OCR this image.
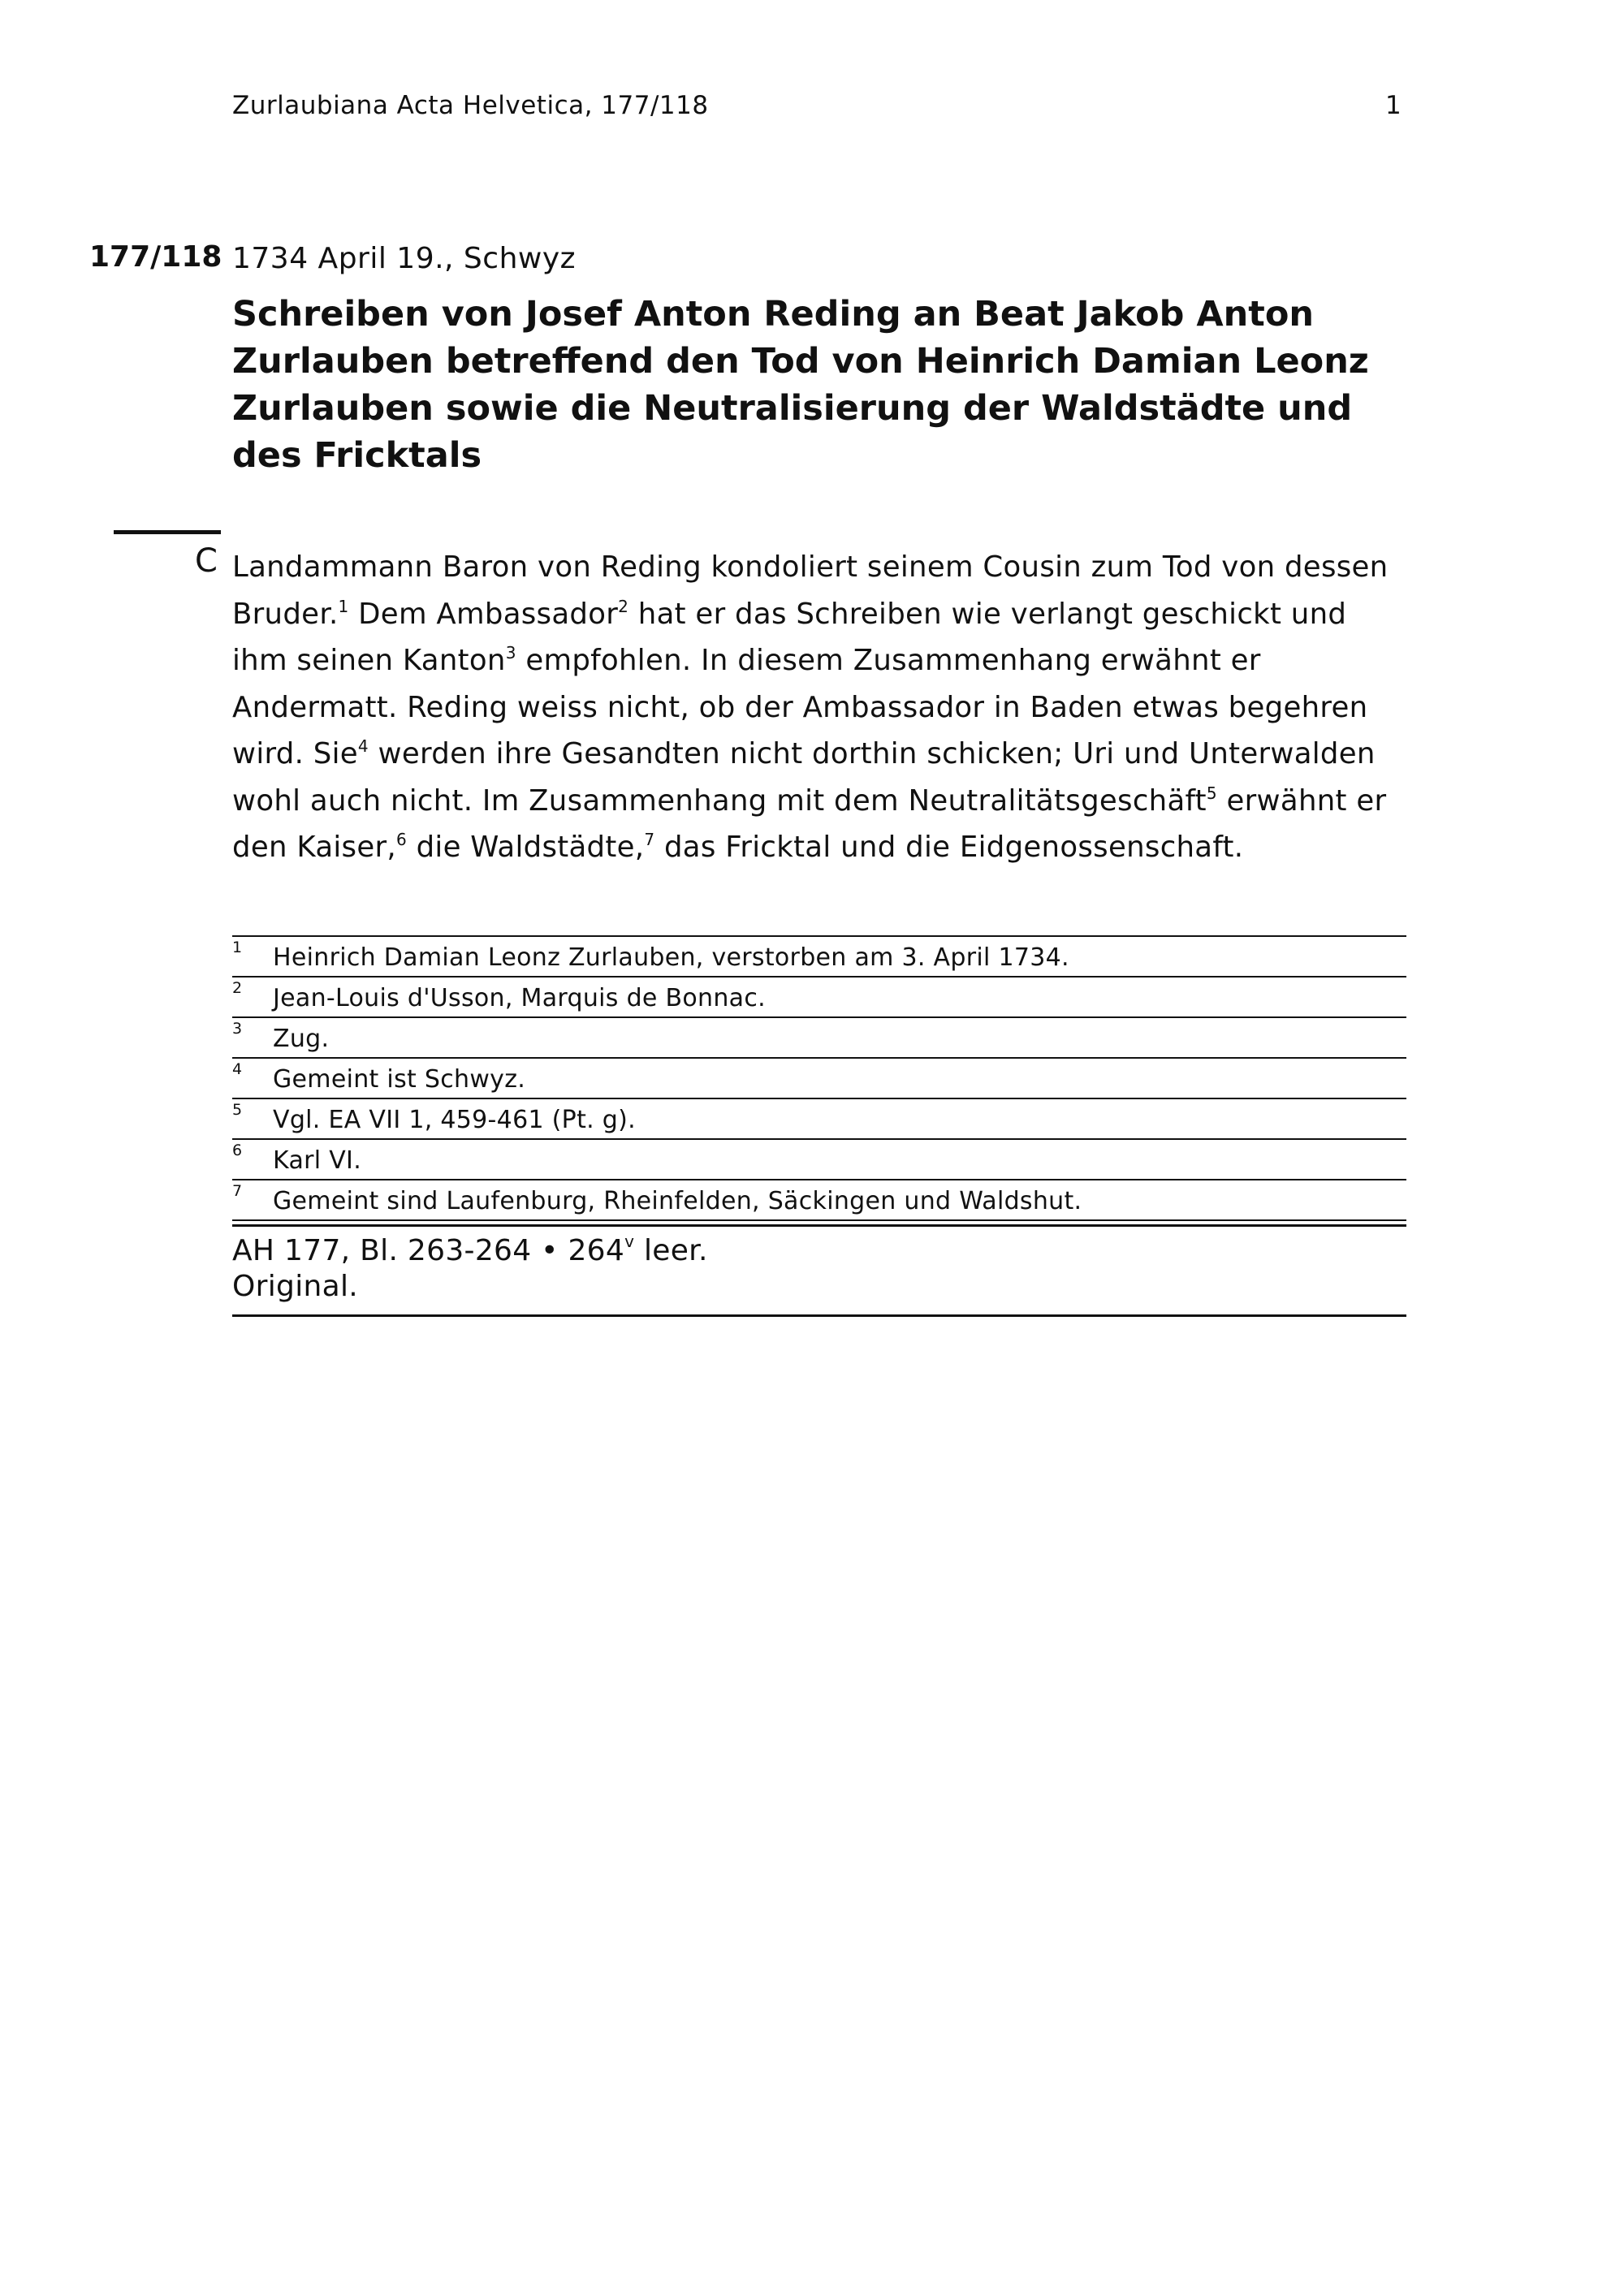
Zurlaubiana Acta Helvetica, 177/118	1
177/118 1734 April 19., Schwyz
Schreiben von Josef Anton Reding an Beat Jakob Anton Zurlauben betreffend den Tod von Heinrich Damian Leonz Zurlauben sowie die Neutralisierung der Waldstädte und des Fricktals
C Landammann Baron von Reding kondoliert seinem Cousin zum Tod von dessen Bruder.$^1$ Dem Ambassador$^2$ hat er das Schreiben wie verlangt geschickt und ihm seinen Kanton$^3$ empfohlen. In diesem Zusammenhang erwähnt er Andermatt. Reding weiss nicht, ob der Ambassador in Baden etwas begehren wird. Sie$^4$ werden ihre Gesandten nicht dorthin schicken; Uri und Unterwalden wohl auch nicht. Im Zusammenhang mit dem Neutralitätsgeschäft$^5$ erwähnt er den Kaiser,$^6$ die Waldstädte,$^7$ das Fricktal und die Eidgenossenschaft.

1 Heinrich Damian Leonz Zurlauben, verstorben am 3. April 1734.
2 Jean-Louis d'Usson, Marquis de Bonnac.
3 Zug.
4 Gemeint ist Schwyz.
5 Vgl. EA VII 1, 459-461 (Pt. g).
6 Karl VI.
7 Gemeint sind Laufenburg, Rheinfelden, Säckingen und Waldshut.
AH 177, Bl. 263-264 • 264$^v$ leer.
Original.
